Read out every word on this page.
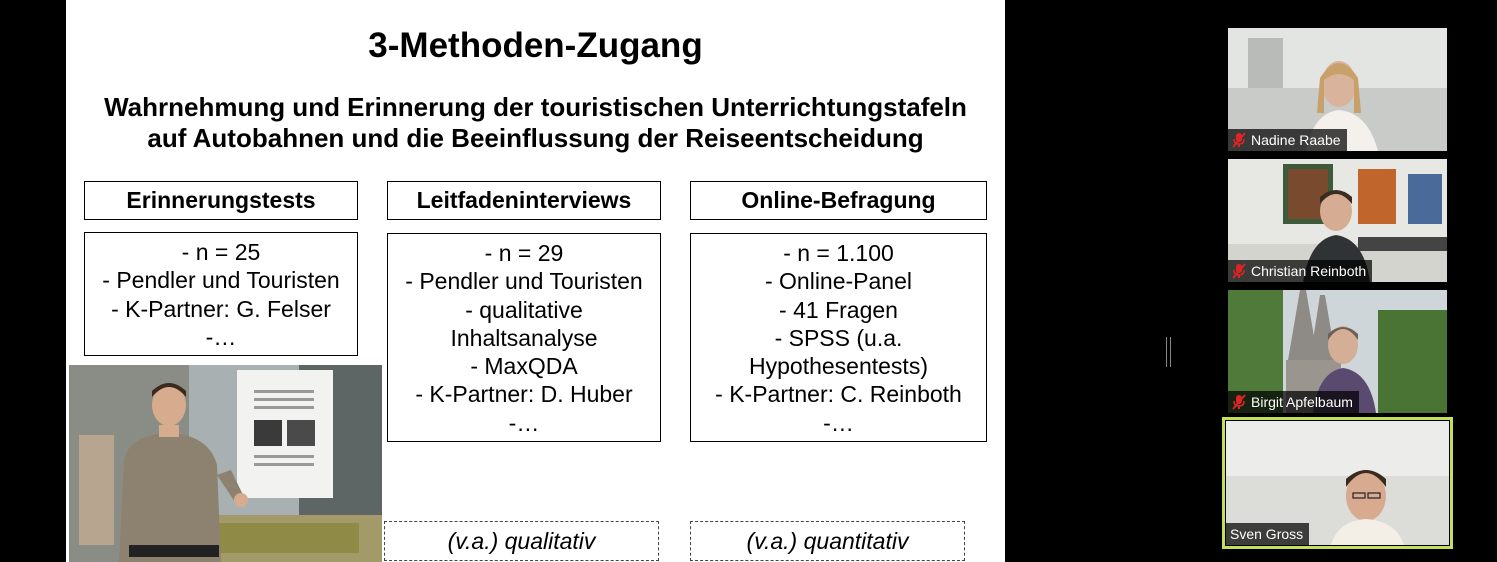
3-Methoden-Zugang
Wahrnehmung und Erinnerung der touristischen Unterrichtungstafeln
auf Autobahnen und die Beeinflussung der Reiseentscheidung
Erinnerungstests
- n = 25
- Pendler und Touristen
- K-Partner: G. Felser
-…
Leitfadeninterviews
- n = 29
- Pendler und Touristen
- qualitative
Inhaltsanalyse
- MaxQDA
- K-Partner: D. Huber
-…
Online-Befragung
- n = 1.100
- Online-Panel
- 41 Fragen
- SPSS (u.a.
Hypothesentests)
- K-Partner: C. Reinboth
-…
(v.a.) qualitativ	(v.a.) quantitativ
Nadine Raabe
Christian Reinboth
Birgit Apfelbaum
Sven Gross
